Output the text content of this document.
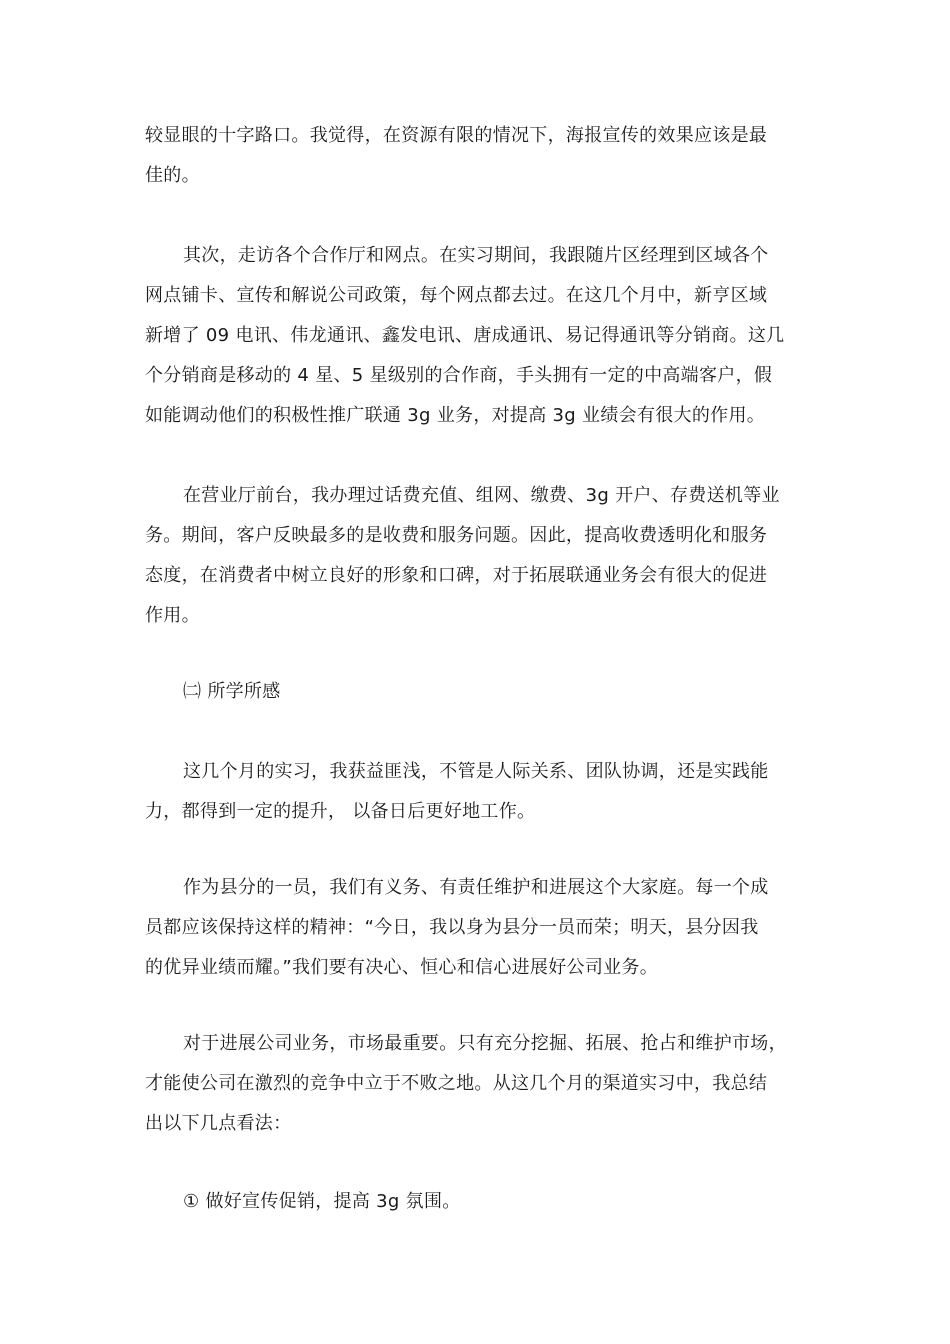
较显眼的十字路口。我觉得，在资源有限的情况下，海报宣传的效果应该是最
佳的。
其次，走访各个合作厅和网点。在实习期间，我跟随片区经理到区域各个
网点铺卡、宣传和解说公司政策，每个网点都去过。在这几个月中，新亨区域
新增了 09 电讯、伟龙通讯、鑫发电讯、唐成通讯、易记得通讯等分销商。这几
个分销商是移动的 4 星、5 星级别的合作商，手头拥有一定的中高端客户，假
如能调动他们的积极性推广联通 3g 业务，对提高 3g 业绩会有很大的作用。
在营业厅前台，我办理过话费充值、组网、缴费、3g 开户、存费送机等业
务。期间，客户反映最多的是收费和服务问题。因此，提高收费透明化和服务
态度，在消费者中树立良好的形象和口碑，对于拓展联通业务会有很大的促进
作用。
㈡ 所学所感
这几个月的实习，我获益匪浅，不管是人际关系、团队协调，还是实践能
力，都得到一定的提升， 以备日后更好地工作。
作为县分的一员，我们有义务、有责任维护和进展这个大家庭。每一个成
员都应该保持这样的精神：“今日，我以身为县分一员而荣；明天，县分因我
的优异业绩而耀。”我们要有决心、恒心和信心进展好公司业务。
对于进展公司业务，市场最重要。只有充分挖掘、拓展、抢占和维护市场，
才能使公司在激烈的竞争中立于不败之地。从这几个月的渠道实习中，我总结
出以下几点看法：
① 做好宣传促销，提高 3g 氛围。
